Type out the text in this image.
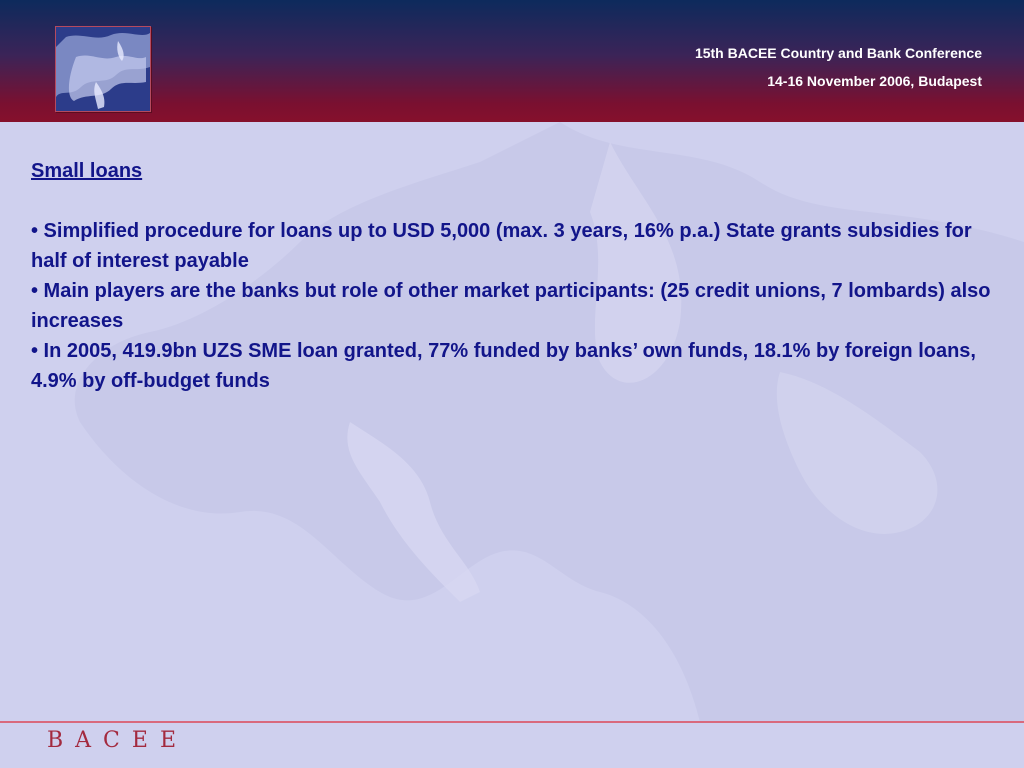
15th BACEE Country and Bank Conference
14-16 November 2006, Budapest

Small loans

• Simplified procedure for loans up to USD 5,000 (max. 3 years, 16% p.a.) State grants subsidies for half of interest payable

• Main players are the banks but role of other market participants: (25 credit unions, 7 lombards) also increases

• In 2005, 419.9bn UZS SME loan granted, 77% funded by banks’ own funds, 18.1% by foreign loans, 4.9% by off-budget funds

BACEE
